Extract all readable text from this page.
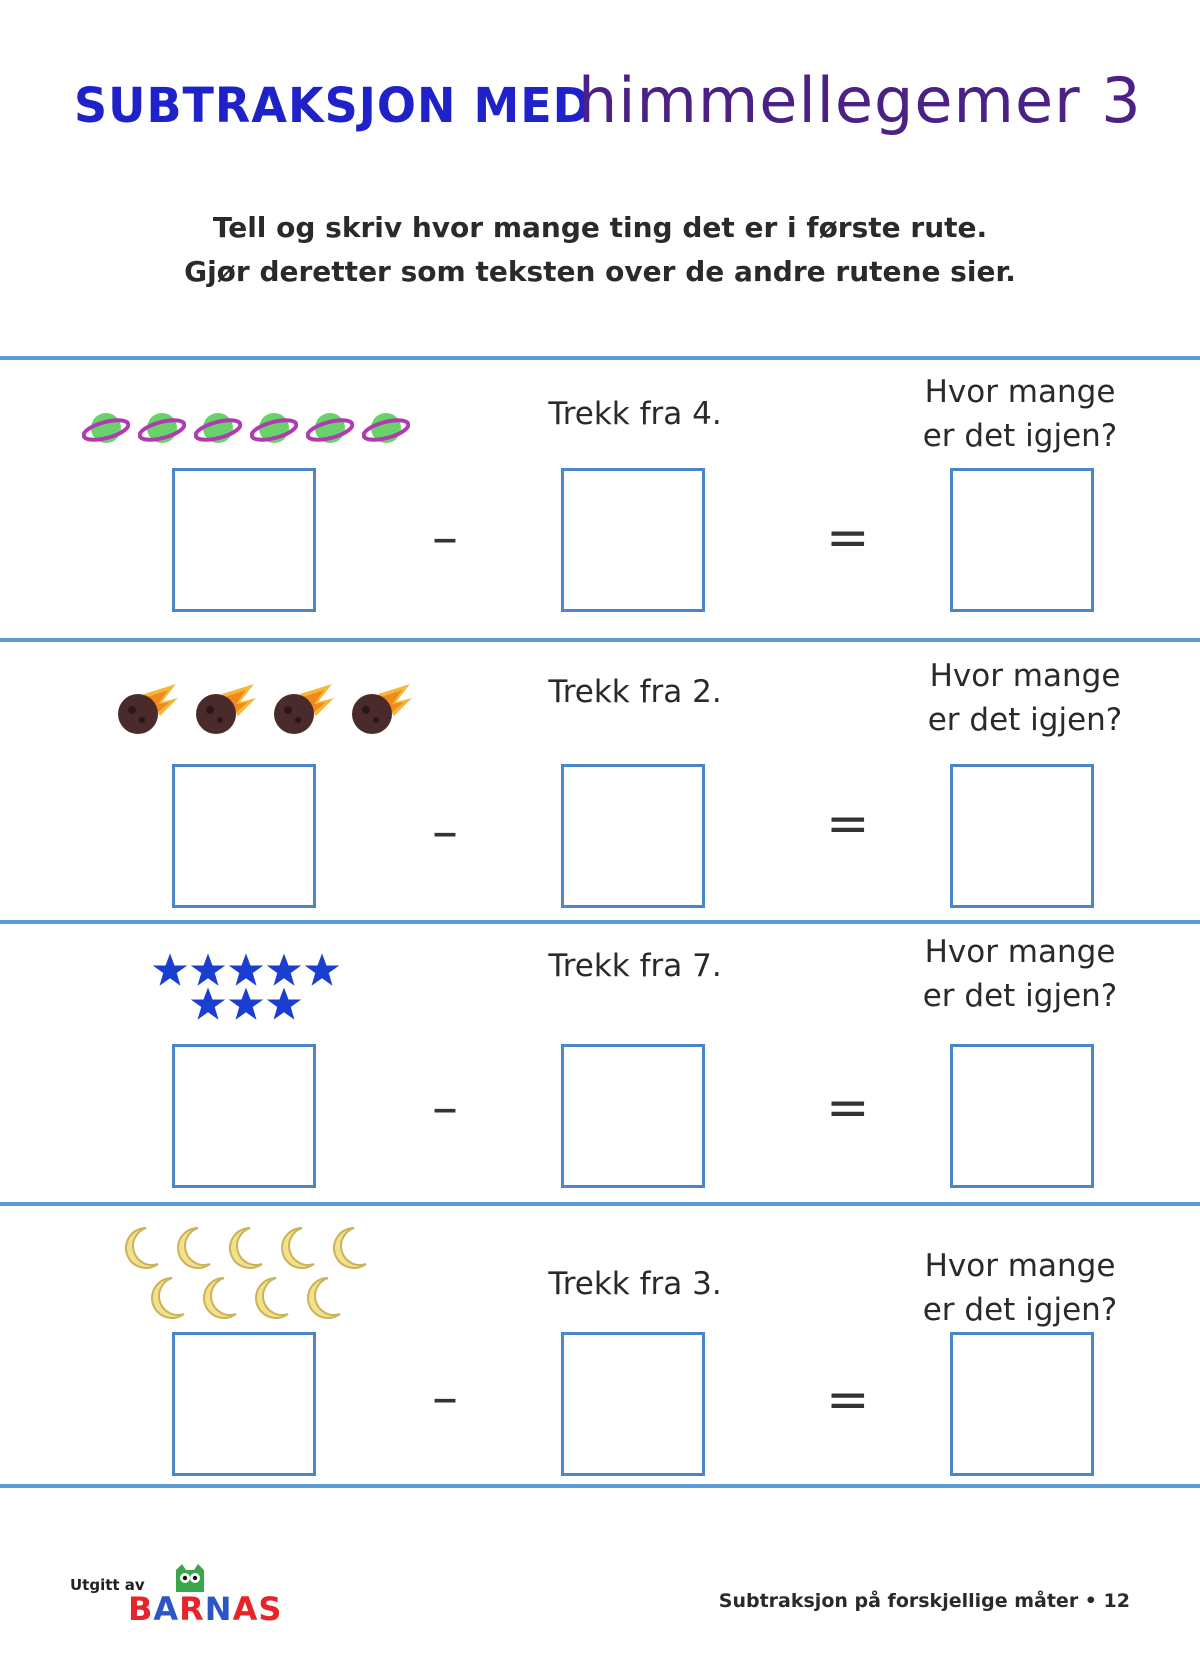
SUBTRAKSJON MED
himmellegemer 3
Tell og skriv hvor mange ting det er i første rute.
Gjør deretter som teksten over de andre rutene sier.
Trekk fra 4.
Hvor mange
er det igjen?
–	=
Trekk fra 2.	Hvor mange
er det igjen?
–	=
Trekk fra 7.	Hvor mange
er det igjen?
–	=
Trekk fra 3.	Hvor mange
er det igjen?
–	=
Utgitt av
BARNAS	Subtraksjon på forskjellige måter • 12
